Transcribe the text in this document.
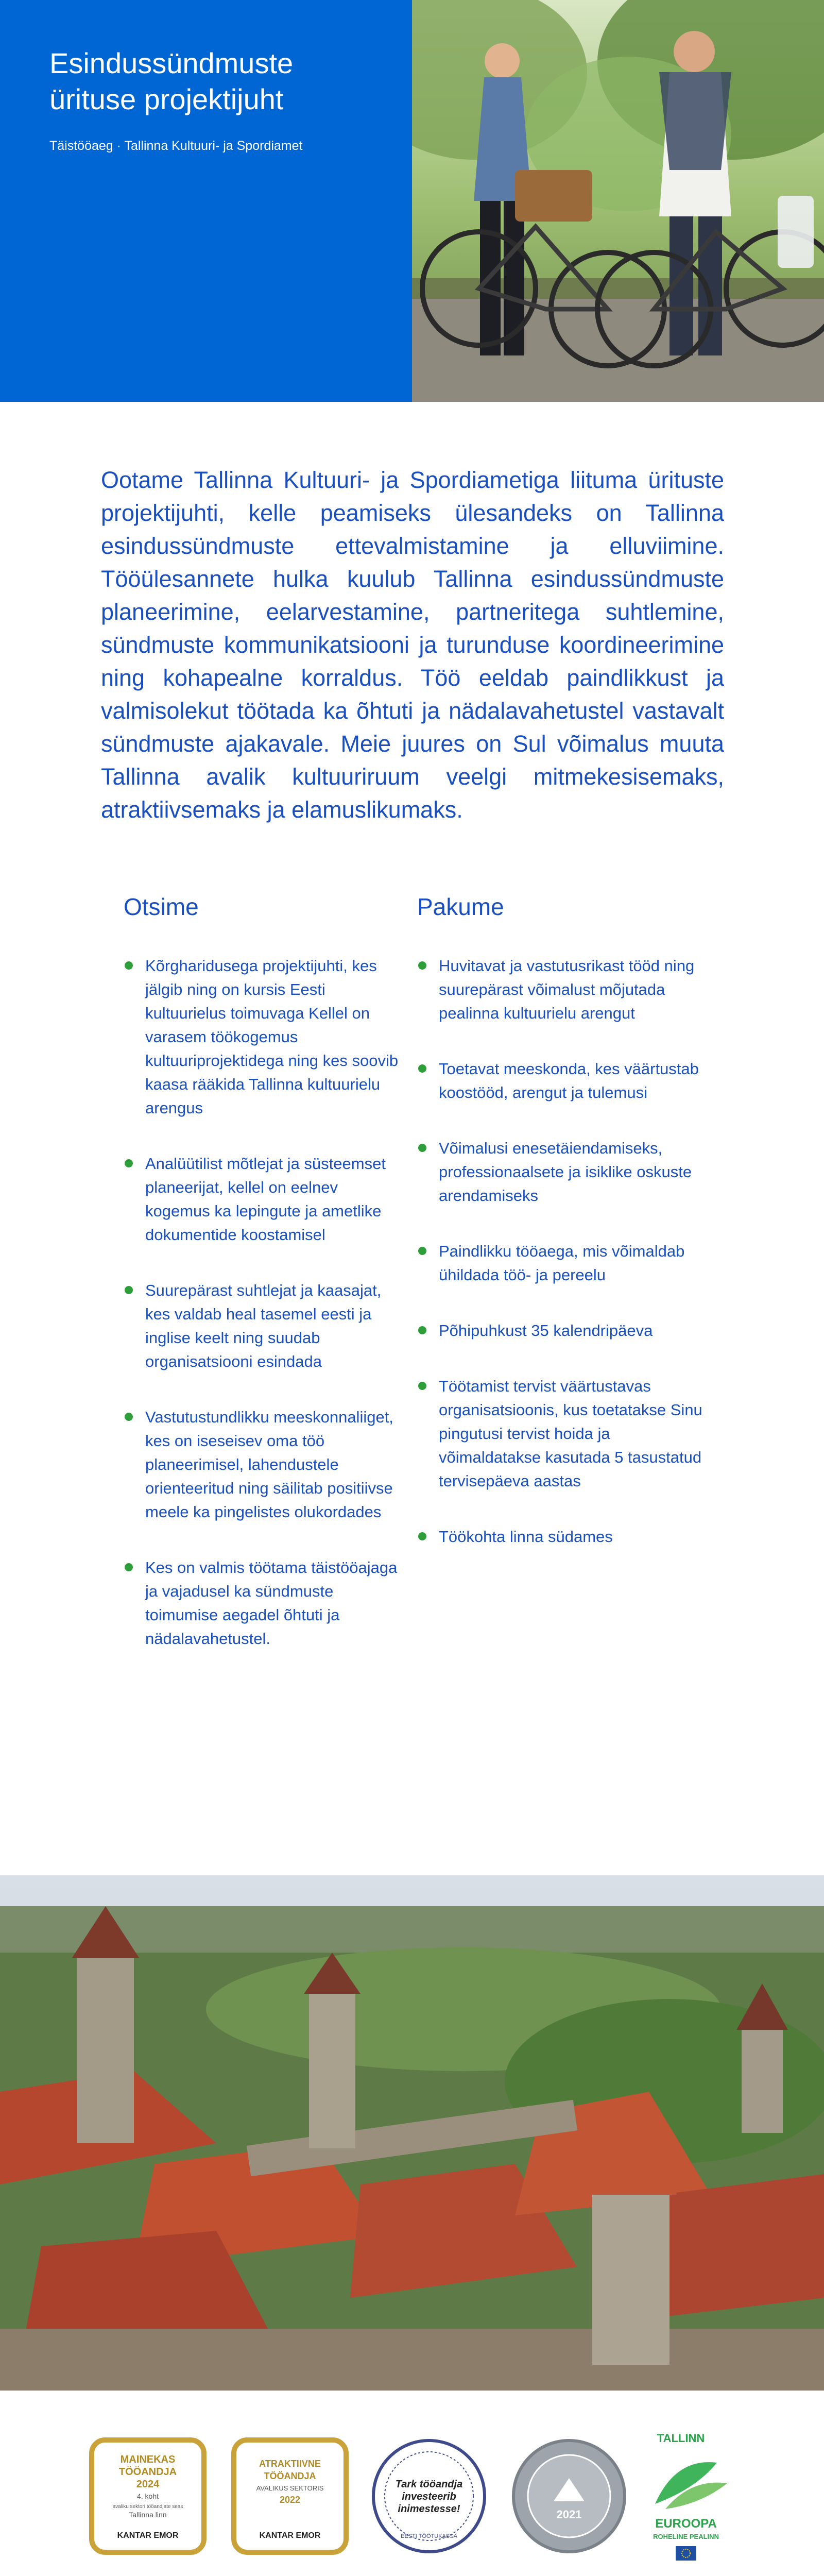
Esindussündmuste ürituse projektijuht
Täistööaeg · Tallinna Kultuuri- ja Spordiamet

Ootame Tallinna Kultuuri- ja Spordiametiga liituma ürituste projektijuhti, kelle peamiseks ülesandeks on Tallinna esindussündmuste ettevalmistamine ja elluviimine. Tööülesannete hulka kuulub Tallinna esindussündmuste planeerimine, eelarvestamine, partneritega suhtlemine, sündmuste kommunikatsiooni ja turunduse koordineerimine ning kohapealne korraldus. Töö eeldab paindlikkust ja valmisolekut töötada ka õhtuti ja nädalavahetustel vastavalt sündmuste ajakavale. Meie juures on Sul võimalus muuta Tallinna avalik kultuuriruum veelgi mitmekesisemaks, atraktiivsemaks ja elamuslikumaks.

Otsime
Kõrgharidusega projektijuhti, kes jälgib ning on kursis Eesti kultuurielus toimuvaga Kellel on varasem töökogemus kultuuriprojektidega ning kes soovib kaasa rääkida Tallinna kultuurielu arengus
Analüütilist mõtlejat ja süsteemset planeerijat, kellel on eelnev kogemus ka lepingute ja ametlike dokumentide koostamisel
Suurepärast suhtlejat ja kaasajat, kes valdab heal tasemel eesti ja inglise keelt ning suudab organisatsiooni esindada
Vastutustundlikku meeskonnaliiget, kes on iseseisev oma töö planeerimisel, lahendustele orienteeritud ning säilitab positiivse meele ka pingelistes olukordades
Kes on valmis töötama täistööajaga ja vajadusel ka sündmuste toimumise aegadel õhtuti ja nädalavahetustel.
Pakume
Huvitavat ja vastutusrikast tööd ning suurepärast võimalust mõjutada pealinna kultuurielu arengut
Toetavat meeskonda, kes väärtustab koostööd, arengut ja tulemusi
Võimalusi enesetäiendamiseks, professionaalsete ja isiklike oskuste arendamiseks
Paindlikku tööaega, mis võimaldab ühildada töö- ja pereelu
Põhipuhkust 35 kalendripäeva
Töötamist tervist väärtustavas organisatsioonis, kus toetatakse Sinu pingutusi tervist hoida ja võimaldatakse kasutada 5 tasustatud tervisepäeva aastas
Töökohta linna südames
MAINEKAS
TÖÖANDJA
2024
4. koht
avaliku sektori tööandjate seas
Tallinna linn
KANTAR EMOR
ATRAKTIIVNE
TÖÖANDJA
AVALIKUS SEKTORIS
2022
KANTAR EMOR
Tark tööandja
investeerib
inimestesse!
EESTI TÖÖTUKASSA
2021
TALLINN
EUROOPA
ROHELINE PEALINN
